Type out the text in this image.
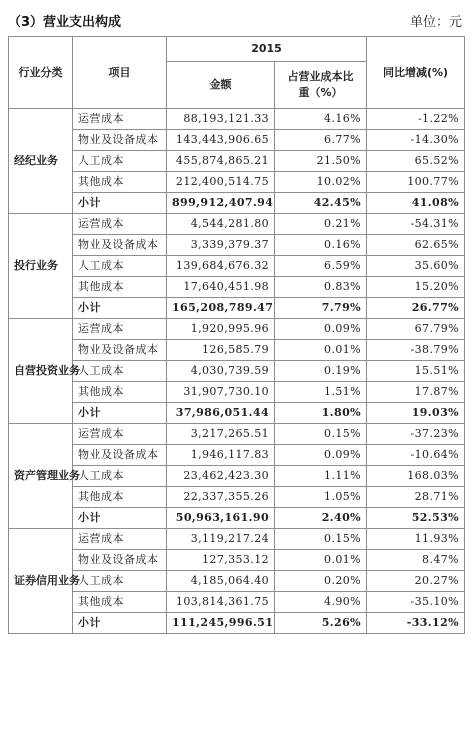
（3）营业支出构成	单位：元
行业分类	项目	2015		同比增减(%)
		金额	占营业成本比
重（%）	
经纪业务	运营成本	88,193,121.33	4.16%	-1.22%
	物业及设备成本	143,443,906.65	6.77%	-14.30%
	人工成本	455,874,865.21	21.50%	65.52%
	其他成本	212,400,514.75	10.02%	100.77%
	小计	899,912,407.94	42.45%	41.08%
投行业务	运营成本	4,544,281.80	0.21%	-54.31%
	物业及设备成本	3,339,379.37	0.16%	62.65%
	人工成本	139,684,676.32	6.59%	35.60%
	其他成本	17,640,451.98	0.83%	15.20%
	小计	165,208,789.47	7.79%	26.77%
自营投资业务	运营成本	1,920,995.96	0.09%	67.79%
	物业及设备成本	126,585.79	0.01%	-38.79%
	人工成本	4,030,739.59	0.19%	15.51%
	其他成本	31,907,730.10	1.51%	17.87%
	小计	37,986,051.44	1.80%	19.03%
资产管理业务	运营成本	3,217,265.51	0.15%	-37.23%
	物业及设备成本	1,946,117.83	0.09%	-10.64%
	人工成本	23,462,423.30	1.11%	168.03%
	其他成本	22,337,355.26	1.05%	28.71%
	小计	50,963,161.90	2.40%	52.53%
证券信用业务	运营成本	3,119,217.24	0.15%	11.93%
	物业及设备成本	127,353.12	0.01%	8.47%
	人工成本	4,185,064.40	0.20%	20.27%
	其他成本	103,814,361.75	4.90%	-35.10%
	小计	111,245,996.51	5.26%	-33.12%
